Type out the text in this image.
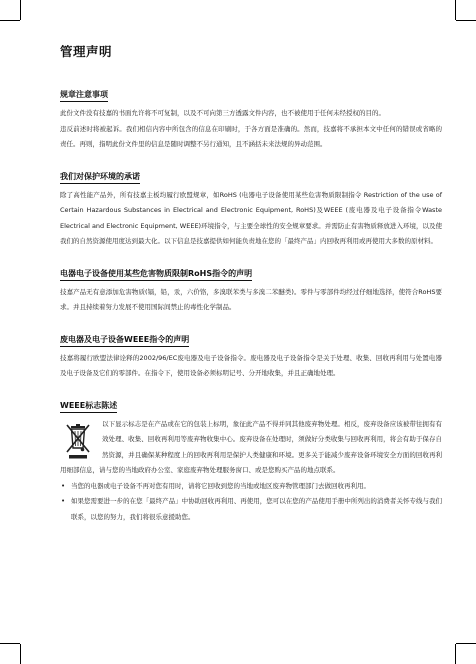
管理声明
规章注意事项

此份文件没有技嘉的书面允许将不可复制，以及不可向第三方透露文件内容，也不被使用于任何未经授权的目的。

违反前述时将被起诉。我们相信内容中所包含的信息在印刷时，于各方面是准确的。然而，技嘉将不承担本文中任何的错误或省略的责任。再则，指明此份文件里的信息是随时调整不另行通知，且不涵括未来法规的异动范围。

我们对保护环境的承诺

除了高性能产品外，所有技嘉主板均履行欧盟规章，如RoHS (电器电子设备使用某些危害物质限制指令 Restriction of the use of Certain Hazardous Substances in Electrical and Electronic Equipment, RoHS)及WEEE (废电器及电子设备指令Waste Electrical and Electronic Equipment, WEEE)环境指令，与主要全球性的安全规章要求。并需防止有害物质释放进入环境，以及使我们的自然资源使用度达到最大化。以下信息是技嘉提供如何能负责地在您的「最终产品」内回收再利用或再使用大多数的原材料。

电器电子设备使用某些危害物质限制RoHS指令的声明

技嘉产品无有意添加危害物质(镉，铅，汞，六价铬，多溴联苯类与多溴二苯醚类)。零件与零部件均经过仔细地选择，使符合RoHS要求。并且持续着努力发展不使用国际间禁止的毒性化学制品。

废电器及电子设备WEEE指令的声明

技嘉将履行欧盟法律诠释的2002/96/EC废电器及电子设备指令。废电器及电子设备指令是关于处理、收集、回收再利用与处置电器及电子设备及它们的零部件。在指令下，使用设备必须标明记号、分开地收集，并且正确地处理。

WEEE标志陈述

以下显示标志是在产品或在它的包装上标明，象征此产品不得并同其他废弃物处理。相反，废弃设备应该被带往拥有有效处理、收集、回收再利用等废弃物收集中心。废弃设备在处理时，须做好分类收集与回收再利用，将会有助于保存自然资源，并且确保某种程度上的回收再利用是保护人类健康和环境。更多关于能减少废弃设备环境安全方面的回收再利用细部信息，请与您的当地政府办公室、家庭废弃物处理服务窗口、或是您购买产品的地点联系。

• 当您的电器或电子设备不再对您有用时，请将它回收到您的当地或地区废弃物管理部门去做回收再利用。
• 如果您需要进一步的在您「最终产品」中协助回收再利用、再使用，您可以在您的产品使用手册中所列出的消费者关怀专线与我们联系，以您的努力，我们将很乐意援助您。
